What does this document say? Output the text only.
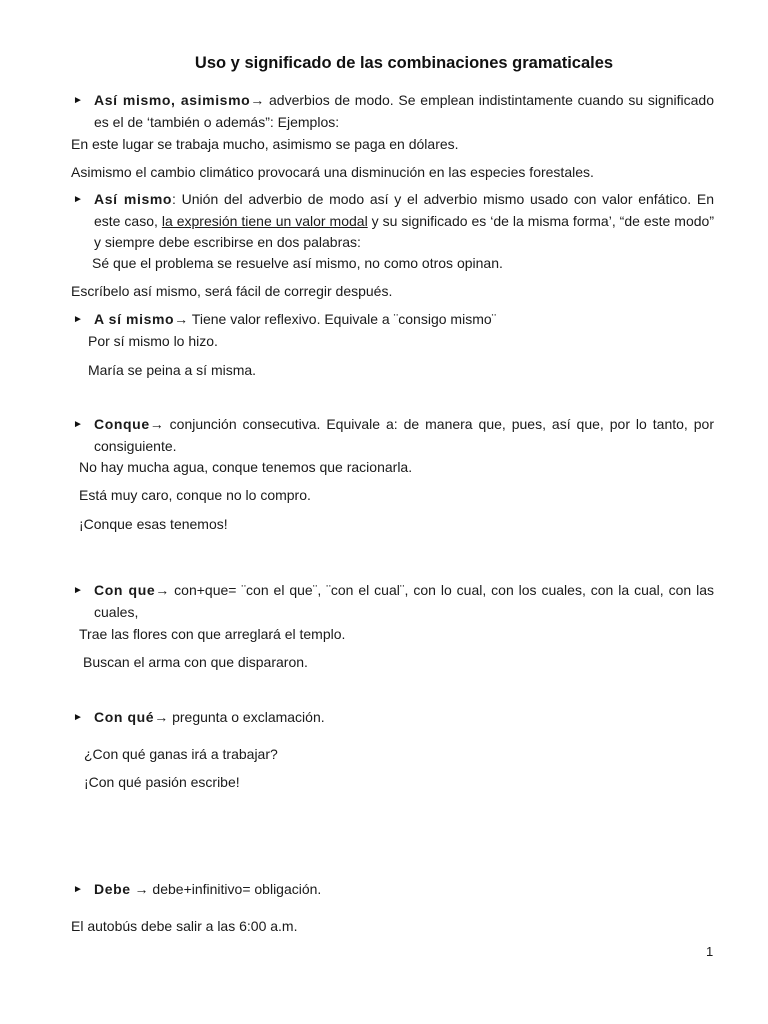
Uso y significado de las combinaciones gramaticales
► Así mismo, asimismo→ adverbios de modo. Se emplean indistintamente cuando su significado es el de ‘también o además”: Ejemplos:
En este lugar se trabaja mucho, asimismo se paga en dólares.
Asimismo el cambio climático provocará una disminución en las especies forestales.
► Así mismo: Unión del adverbio de modo así y el adverbio mismo usado con valor enfático. En este caso, la expresión tiene un valor modal y su significado es ‘de la misma forma’, “de este modo” y siempre debe escribirse en dos palabras:
Sé que el problema se resuelve así mismo, no como otros opinan.
Escríbelo así mismo, será fácil de corregir después.
► A sí mismo→ Tiene valor reflexivo. Equivale a ¨consigo mismo¨
Por sí mismo lo hizo.
María se peina a sí misma.
► Conque→ conjunción consecutiva. Equivale a: de manera que, pues, así que, por lo tanto, por consiguiente.
No hay mucha agua, conque tenemos que racionarla.
Está muy caro, conque no lo compro.
¡Conque esas tenemos!
► Con que→ con+que= ¨con el que¨, ¨con el cual¨, con lo cual, con los cuales, con la cual, con las cuales,
Trae las flores con que arreglará el templo.
Buscan el arma con que dispararon.
► Con qué→ pregunta o exclamación.
¿Con qué ganas irá a trabajar?
¡Con qué pasión escribe!
► Debe → debe+infinitivo= obligación.
El autobús debe salir a las 6:00 a.m.
1
